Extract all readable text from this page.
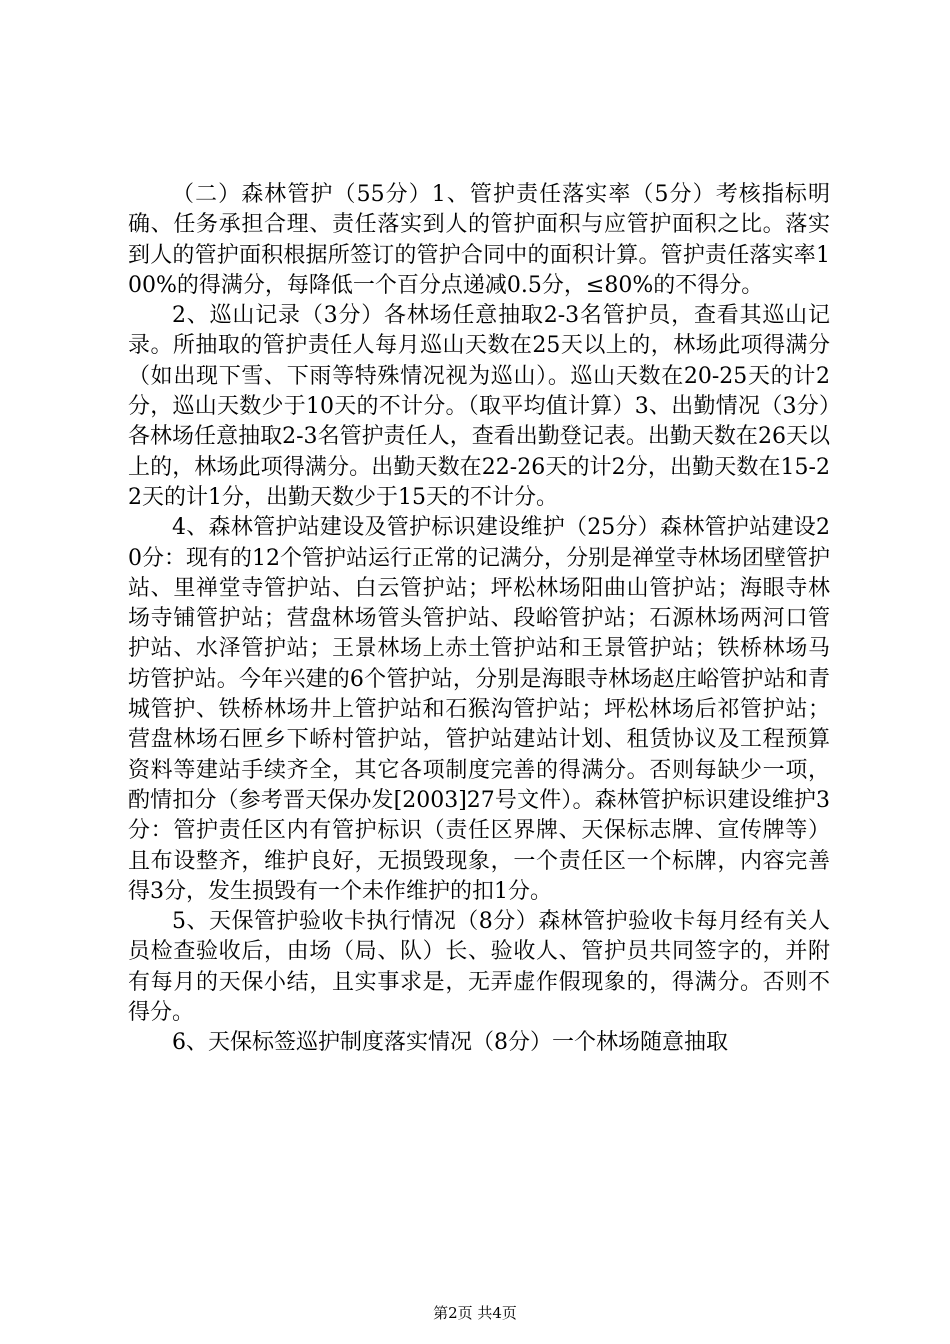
（二）森林管护（55分）1、管护责任落实率（5分）考核指标明确、任务承担合理、责任落实到人的管护面积与应管护面积之比。落实到人的管护面积根据所签订的管护合同中的面积计算。管护责任落实率100%的得满分，每降低一个百分点递减0.5分，≤80%的不得分。

2、巡山记录（3分）各林场任意抽取2-3名管护员，查看其巡山记录。所抽取的管护责任人每月巡山天数在25天以上的，林场此项得满分（如出现下雪、下雨等特殊情况视为巡山）。巡山天数在20-25天的计2分，巡山天数少于10天的不计分。（取平均值计算）3、出勤情况（3分）各林场任意抽取2-3名管护责任人，查看出勤登记表。出勤天数在26天以上的，林场此项得满分。出勤天数在22-26天的计2分，出勤天数在15-22天的计1分，出勤天数少于15天的不计分。

4、森林管护站建设及管护标识建设维护（25分）森林管护站建设20分：现有的12个管护站运行正常的记满分，分别是禅堂寺林场团壁管护站、里禅堂寺管护站、白云管护站；坪松林场阳曲山管护站；海眼寺林场寺铺管护站；营盘林场管头管护站、段峪管护站；石源林场两河口管护站、水泽管护站；王景林场上赤土管护站和王景管护站；铁桥林场马坊管护站。今年兴建的6个管护站，分别是海眼寺林场赵庄峪管护站和青城管护、铁桥林场井上管护站和石猴沟管护站；坪松林场后祁管护站；营盘林场石匣乡下峤村管护站，管护站建站计划、租赁协议及工程预算资料等建站手续齐全，其它各项制度完善的得满分。否则每缺少一项，酌情扣分（参考晋天保办发[2003]27号文件）。森林管护标识建设维护3分：管护责任区内有管护标识（责任区界牌、天保标志牌、宣传牌等）且布设整齐，维护良好，无损毁现象，一个责任区一个标牌，内容完善得3分，发生损毁有一个未作维护的扣1分。

5、天保管护验收卡执行情况（8分）森林管护验收卡每月经有关人员检查验收后，由场（局、队）长、验收人、管护员共同签字的，并附有每月的天保小结，且实事求是，无弄虚作假现象的，得满分。否则不得分。

6、天保标签巡护制度落实情况（8分）一个林场随意抽取

第2页 共4页
